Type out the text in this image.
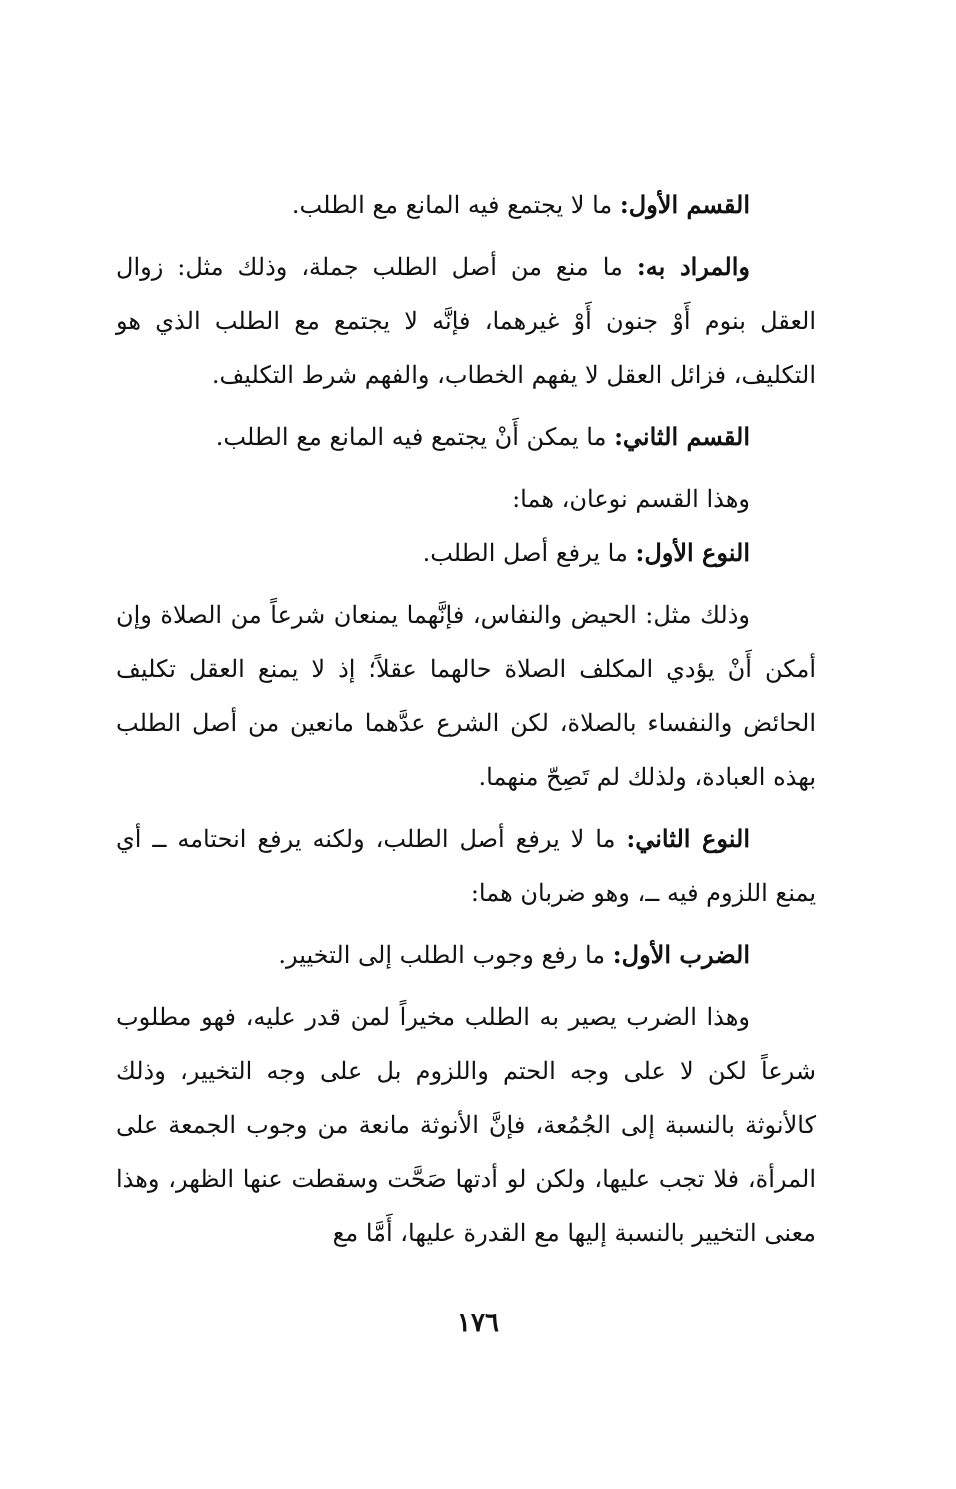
القسم الأول: ما لا يجتمع فيه المانع مع الطلب.

والمراد به: ما منع من أصل الطلب جملة، وذلك مثل: زوال العقل بنوم أَوْ جنون أَوْ غيرهما، فإنَّه لا يجتمع مع الطلب الذي هو التكليف، فزائل العقل لا يفهم الخطاب، والفهم شرط التكليف.

القسم الثاني: ما يمكن أَنْ يجتمع فيه المانع مع الطلب.

وهذا القسم نوعان، هما:

النوع الأول: ما يرفع أصل الطلب.

وذلك مثل: الحيض والنفاس، فإنَّهما يمنعان شرعاً من الصلاة وإن أمكن أَنْ يؤدي المكلف الصلاة حالهما عقلاً؛ إذ لا يمنع العقل تكليف الحائض والنفساء بالصلاة، لكن الشرع عدَّهما مانعين من أصل الطلب بهذه العبادة، ولذلك لم تَصِحّ منهما.

النوع الثاني: ما لا يرفع أصل الطلب، ولكنه يرفع انحتامه ــ أي يمنع اللزوم فيه ــ، وهو ضربان هما:

الضرب الأول: ما رفع وجوب الطلب إلى التخيير.

وهذا الضرب يصير به الطلب مخيراً لمن قدر عليه، فهو مطلوب شرعاً لكن لا على وجه الحتم واللزوم بل على وجه التخيير، وذلك كالأنوثة بالنسبة إلى الجُمُعة، فإنَّ الأنوثة مانعة من وجوب الجمعة على المرأة، فلا تجب عليها، ولكن لو أدتها صَحَّت وسقطت عنها الظهر، وهذا معنى التخيير بالنسبة إليها مع القدرة عليها، أَمَّا مع

١٧٦
